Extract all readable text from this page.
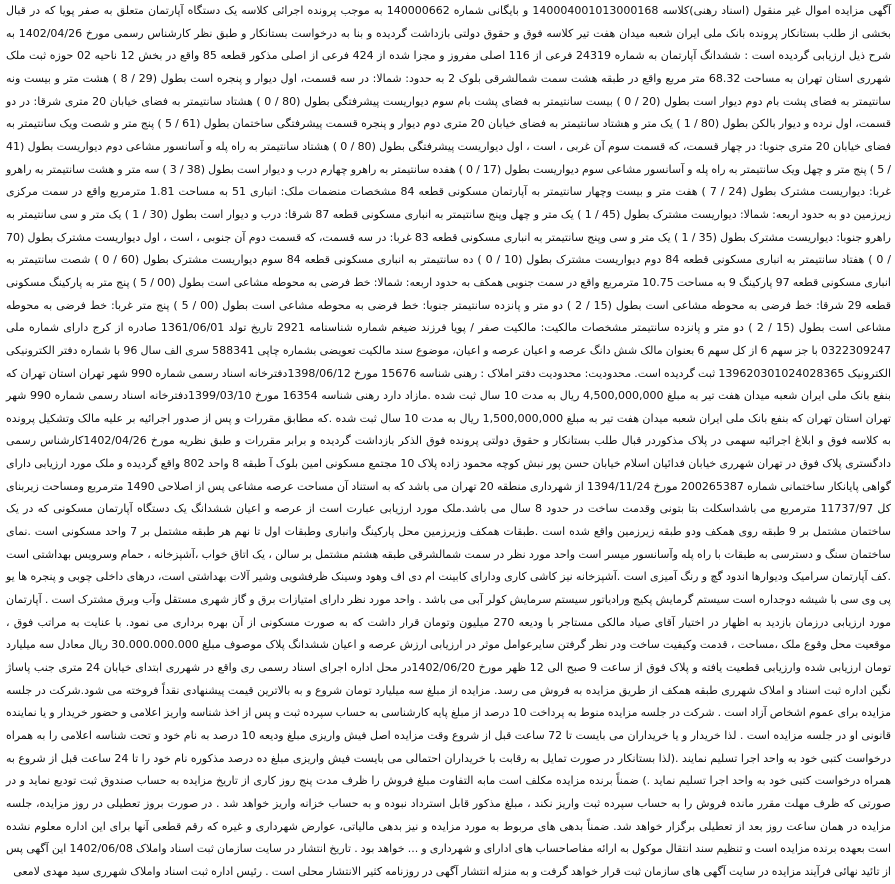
آگهی مزایده اموال غیر منقول (اسناد رهنی)کلاسه 140004001013000168 و بایگانی شماره 140000662 به موجب پرونده اجرائی کلاسه یک دستگاه آپارتمان متعلق به صفر پویا که در قبال بخشی از طلب بستانکار پرونده بانک ملی ایران شعبه میدان هفت تیر کلاسه فوق و حقوق دولتی بازداشت گردیده و بنا به درخواست بستانکار و طبق نظر کارشناس رسمی مورخ 1402/04/26 به شرح ذیل ارزیابی گردیده است : ششدانگ آپارتمان به شماره 24319 فرعی از 116 اصلی مفروز و مجزا شده از 424 فرعی از اصلی مذکور قطعه 85 واقع در بخش 12 ناحیه 02 حوزه ثبت ملک شهرری استان تهران به مساحت 68.32 متر مربع واقع در طبقه هشت سمت شمالشرقی بلوک 2 به حدود: شمالا: در سه قسمت، اول دیوار و پنجره است بطول (29 / 8 ) هشت متر و بیست ونه سانتیمتر به فضای پشت بام دوم دیوار است بطول (20 / 0 ) بیست سانتیمتر به فضای پشت بام سوم دیواریست پیشرفتگی بطول (80 / 0 ) هشتاد سانتیمتر به فضای خیابان 20 متری شرقا: در دو قسمت، اول نرده و دیوار بالکن بطول (80 / 1 ) یک متر و هشتاد سانتیمتر به فضای خیابان 20 متری دوم دیوار و پنجره قسمت پیشرفتگی ساختمان بطول (61 / 5 ) پنج متر و شصت ویک سانتیمتر به فضای خیابان 20 متری جنوبا: در چهار قسمت، که قسمت سوم آن غربی ، است ، اول دیواریست پیشرفتگی بطول (80 / 0 ) هشتاد سانتیمتر به راه پله و آسانسور مشاعی دوم دیواریست بطول (41 / 5 ) پنج متر و چهل ویک سانتیمتر به راه پله و آسانسور مشاعی سوم دیواریست بطول (17 / 0 ) هفده سانتیمتر به راهرو چهارم درب و دیوار است بطول (38 / 3 ) سه متر و هشت سانتیمتر به راهرو غربا: دیواریست مشترک بطول (24 / 7 ) هفت متر و بیست وچهار سانتیمتر به آپارتمان مسکونی قطعه 84 مشخصات منضمات ملک: انباری 51 به مساحت 1.81 مترمربع واقع در سمت مرکزی زیرزمین دو به حدود اربعه: شمالا: دیواریست مشترک بطول (45 / 1 ) یک متر و چهل وپنج سانتیمتر به انباری مسکونی قطعه 87 شرقا: درب و دیوار است بطول (30 / 1 ) یک متر و سی سانتیمتر به راهرو جنوبا: دیواریست مشترک بطول (35 / 1 ) یک متر و سی وپنج سانتیمتر به انباری مسکونی قطعه 83 غربا: در سه قسمت، که قسمت دوم آن جنوبی ، است ، اول دیواریست مشترک بطول (70 / 0 ) هفتاد سانتیمتر به انباری مسکونی قطعه 84 دوم دیواریست مشترک بطول (10 / 0 ) ده سانتیمتر به انباری مسکونی قطعه 84 سوم دیواریست مشترک بطول (60 / 0 ) شصت سانتیمتر به انباری مسکونی قطعه 97 پارکینگ 9 به مساحت 10.75 مترمربع واقع در سمت جنوبی همکف به حدود اربعه: شمالا: خط فرضی به محوطه مشاعی است بطول (00 / 5 ) پنج متر به پارکینگ مسکونی قطعه 29 شرقا: خط فرضی به محوطه مشاعی است بطول (15 / 2 ) دو متر و پانزده سانتیمتر جنوبا: خط فرضی به محوطه مشاعی است بطول (00 / 5 ) پنج متر غربا: خط فرضی به محوطه مشاعی است بطول (15 / 2 ) دو متر و پانزده سانتیمتر مشخصات مالکیت: مالکیت صفر / پویا فرزند ضیغم شماره شناسنامه 2921 تاریخ تولد 1361/06/01 صادره از کرج دارای شماره ملی 0322309247 با جز سهم 6 از کل سهم 6 بعنوان مالک شش دانگ عرصه و اعیان عرصه و اعیان، موضوع سند مالکیت تعویضی بشماره چاپی 588341 سری الف سال 96 با شماره دفتر الکترونیکی الکترونیک 139620301024028365 ثبت گردیده است. محدودیت: محدودیت دفتر املاک : رهنی شناسه 15676 مورخ 1398/06/12دفترخانه اسناد رسمی شماره 990 شهر تهران استان تهران که بنفع بانک ملی ایران شعبه میدان هفت تیر به مبلغ 4,500,000,000 ریال به مدت 10 سال ثبت شده .مازاد دارد رهنی شناسه 16354 مورخ 1399/03/10دفترخانه اسناد رسمی شماره 990 شهر تهران استان تهران که بنفع بانک ملی ایران شعبه میدان هفت تیر به مبلغ 1,500,000,000 ریال به مدت 10 سال ثبت شده .که مطابق مقررات و پس از صدور اجرائیه بر علیه مالک وتشکیل پرونده به کلاسه فوق و ابلاغ اجرائیه سهمی در پلاک مذکوردر قبال طلب بستانکار و حقوق دولتی پرونده فوق الذکر بازداشت گردیده و برابر مقررات و طبق نظریه مورخ 1402/04/26کارشناس رسمی دادگستری پلاک فوق در تهران شهرری خیابان فدائیان اسلام خیابان حسن پور نبش کوچه محمود زاده پلاک 10 مجتمع مسکونی امین بلوک آ طبقه 8 واحد 802 واقع گردیده و ملک مورد ارزیابی دارای گواهی پایانکار ساختمانی شماره 200265387 مورخ 1394/11/24 از شهرداری منطقه 20 تهران می باشد که به استناد آن مساحت عرصه مشاعی پس از اصلاحی 1490 مترمربع ومساحت زیربنای کل 11737/97 مترمربع می باشداسکلت بتا بتونی وقدمت ساخت در حدود 8 سال می باشد.ملک مورد ارزیابی عبارت است از عرصه و اعیان ششدانگ یک دستگاه آپارتمان مسکونی که در یک ساختمان مشتمل بر 9 طبقه روی همکف ودو طبقه زیرزمین واقع شده است .طبقات همکف وزیرزمین محل پارکینگ وانباری وطبقات اول تا نهم هر طبقه مشتمل بر 7 واحد مسکونی است .نمای ساختمان سنگ و دسترسی به طبقات با راه پله وآسانسور میسر است واحد مورد نظر در سمت شمالشرقی طبقه هشتم مشتمل بر سالن ، یک اتاق خواب ،آشپزخانه ، حمام وسرویس بهداشتی است .کف آپارتمان سرامیک ودیوارها اندود گچ و رنگ آمیزی است .آشپزخانه نیز کاشی کاری ودارای کابینت ام دی اف وهود وسینک ظرفشویی وشیر آلات بهداشتی است، درهای داخلی چوبی و پنجره ها یو پی وی سی با شیشه دوجداره است سیستم گرمایش پکیج ورادیاتور سیستم سرمایش کولر آبی می باشد . واحد مورد نظر دارای امتیازات برق و گاز شهری مستقل وآب وبرق مشترک است . آپارتمان مورد ارزیابی درزمان بازدید به اظهار در اختیار آقای صیاد مالکی مستاجر با ودیعه 270 میلیون وتومان قرار داشت که به صورت مسکونی از آن بهره برداری می نمود. با عنایت به مراتب فوق ، موقعیت محل وقوع ملک ،مساحت ، قدمت وکیفیت ساخت ودر نظر گرفتن سایرعوامل موثر در ارزیابی ارزش عرصه و اعیان ششدانگ پلاک موصوف مبلغ 30.000.000.000 ریال معادل سه میلیارد تومان ارزیابی شده وارزیابی قطعیت یافته و پلاک فوق از ساعت 9 صبح الی 12 ظهر مورخ 1402/06/20در محل اداره اجرای اسناد رسمی ری واقع در شهرری ابتدای خیابان 24 متری جنب پاساژ نگین اداره ثبت اسناد و املاک شهرری طبقه همکف از طریق مزایده به فروش می رسد. مزایده از مبلغ سه میلیارد تومان شروع و به بالاترین قیمت پیشنهادی نقداً فروخته می شود.شرکت در جلسه مزایده برای عموم اشخاص آزاد است . شرکت در جلسه مزایده منوط به پرداخت 10 درصد از مبلغ پایه کارشناسی به حساب سپرده ثبت و پس از اخذ شناسه واریز اعلامی و حضور خریدار و یا نماینده قانونی او در جلسه مزایده است . لذا خریدار و یا خریداران می بایست تا 72 ساعت قبل از شروع وقت مزایده اصل فیش واریزی مبلغ ودیعه 10 درصد به نام خود و تحت شناسه اعلامی را به همراه درخواست کتبی خود به واحد اجرا تسلیم نمایند .(لذا بستانکار در صورت تمایل به رقابت با خریداران احتمالی می بایست فیش واریزی مبلغ ده درصد مذکوره نام خود را تا 24 ساعت قبل از شروع به همراه درخواست کتبی خود به واحد اجرا تسلیم نماید .) ضمناً برنده مزایده مکلف است مابه التفاوت مبلغ فروش را ظرف مدت پنج روز کاری از تاریخ مزایده به حساب صندوق ثبت تودیع نماید و در صورتی که ظرف مهلت مقرر مانده فروش را به حساب سپرده ثبت واریز نکند ، مبلغ مذکور قابل استرداد نبوده و به حساب خزانه واریز خواهد شد . در صورت بروز تعطیلی در روز مزایده، جلسه مزایده در همان ساعت روز بعد از تعطیلی برگزار خواهد شد. ضمناً بدهی های مربوط به مورد مزایده و نیز بدهی مالیاتی، عوارض شهرداری و غیره که رقم قطعی آنها برای این اداره معلوم نشده است بعهده برنده مزایده است و تنظیم سند انتقال موکول به ارائه مفاصاحساب های ادارای و شهرداری و ... خواهد بود . تاریخ انتشار در سایت سازمان ثبت اسناد واملاک 1402/06/08 این آگهی پس از تائید نهائی فرآیند مزایده در سایت آگهی های سازمان ثبت قرار خواهد گرفت و به منزله انتشار آگهی در روزنامه کثیر الانتشار محلی است . رئیس اداره ثبت اسناد واملاک شهرری سید مهدی لامعی
